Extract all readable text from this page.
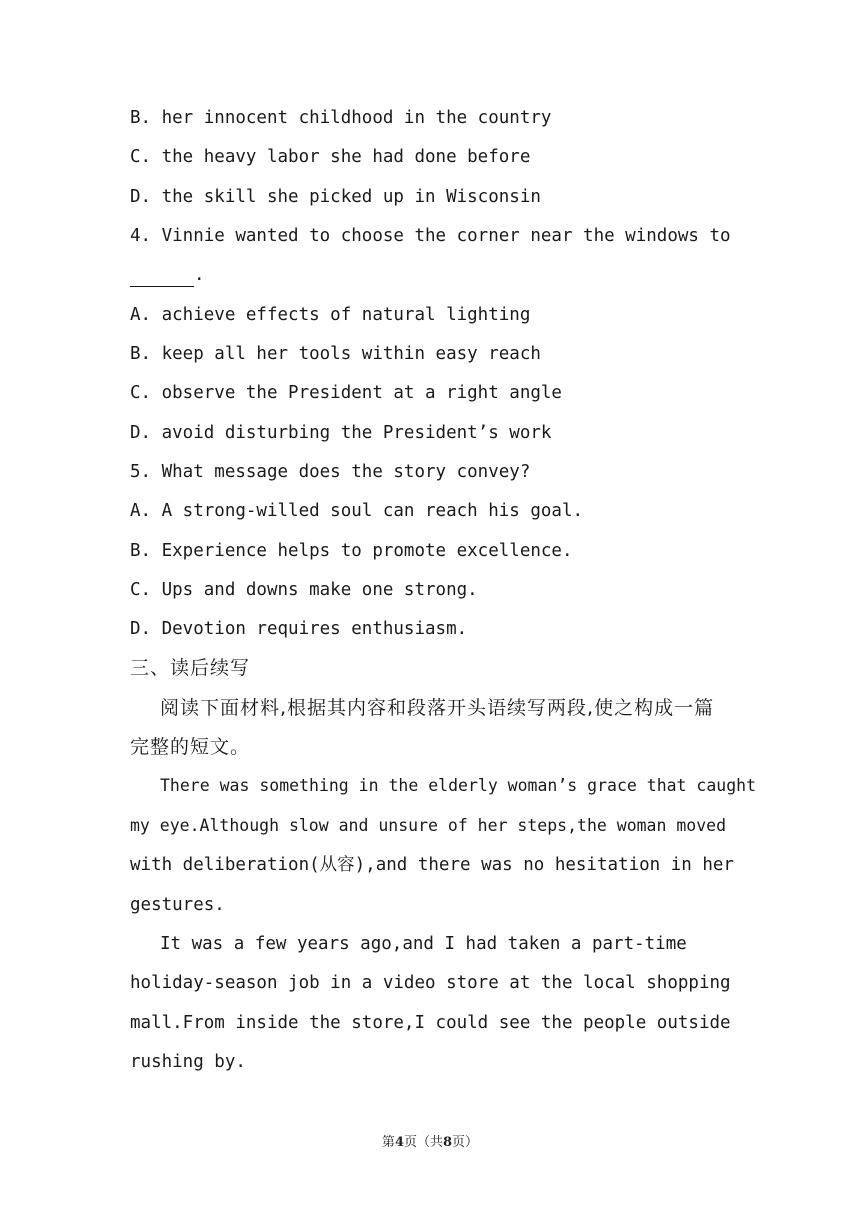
B. her innocent childhood in the country
C. the heavy labor she had done before
D. the skill she picked up in Wisconsin
4. Vinnie wanted to choose the corner near the windows to
.
A. achieve effects of natural lighting
B. keep all her tools within easy reach
C. observe the President at a right angle
D. avoid disturbing the President’s work
5. What message does the story convey?
A. A strong-willed soul can reach his goal.
B. Experience helps to promote excellence.
C. Ups and downs make one strong.
D. Devotion requires enthusiasm.
三、读后续写
阅读下面材料,根据其内容和段落开头语续写两段,使之构成一篇
完整的短文。
There was something in the elderly woman’s grace that caught
my eye.Although slow and unsure of her steps,the woman moved
with deliberation(从容),and there was no hesitation in her
gestures.
It was a few years ago,and I had taken a part-time
holiday-season job in a video store at the local shopping
mall.From inside the store,I could see the people outside
rushing by.
第4页（共8页）
